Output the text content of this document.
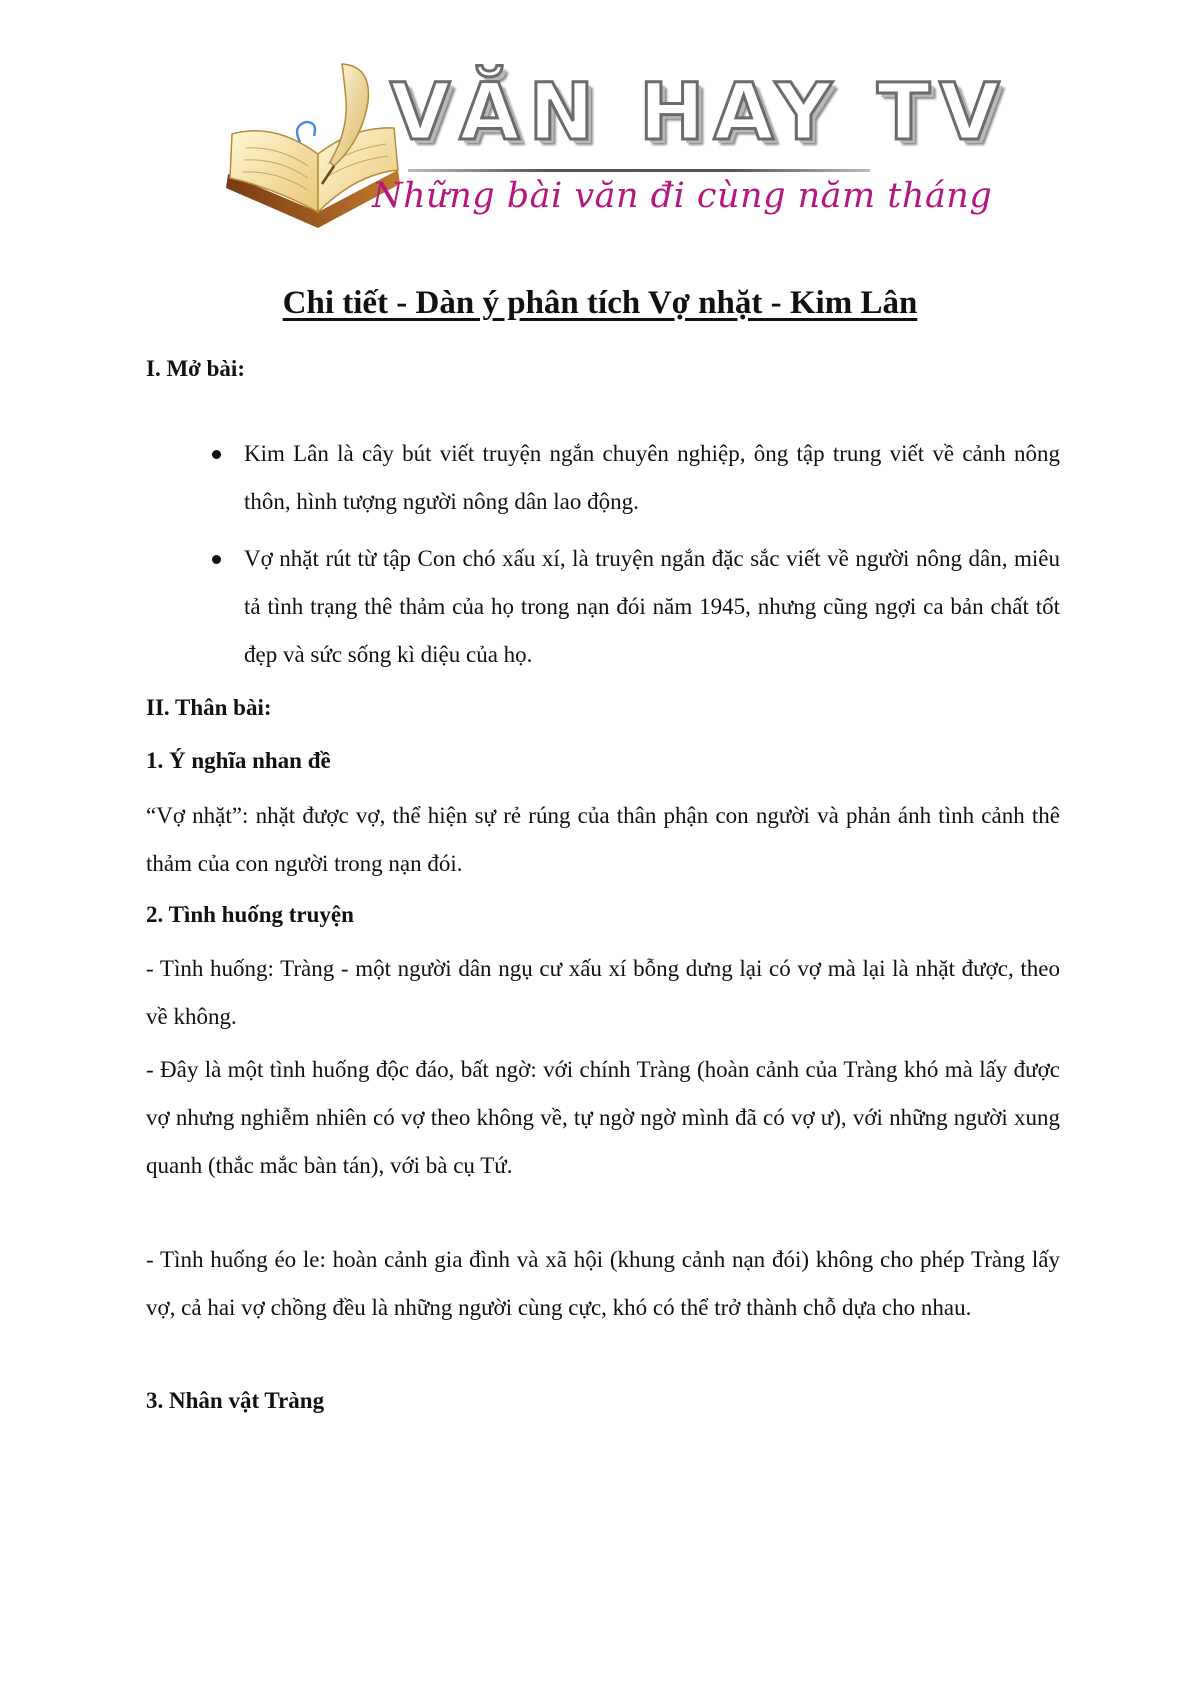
VĂN HAY TV

Những bài văn đi cùng năm tháng

Chi tiết - Dàn ý phân tích Vợ nhặt - Kim Lân
I. Mở bài:
Kim Lân là cây bút viết truyện ngắn chuyên nghiệp, ông tập trung viết về cảnh nông thôn, hình tượng người nông dân lao động.
Vợ nhặt rút từ tập Con chó xấu xí, là truyện ngắn đặc sắc viết về người nông dân, miêu tả tình trạng thê thảm của họ trong nạn đói năm 1945, nhưng cũng ngợi ca bản chất tốt đẹp và sức sống kì diệu của họ.
II. Thân bài:
1. Ý nghĩa nhan đề

“Vợ nhặt”: nhặt được vợ, thể hiện sự rẻ rúng của thân phận con người và phản ánh tình cảnh thê thảm của con người trong nạn đói.

2. Tình huống truyện

- Tình huống: Tràng - một người dân ngụ cư xấu xí bỗng dưng lại có vợ mà lại là nhặt được, theo về không.

- Đây là một tình huống độc đáo, bất ngờ: với chính Tràng (hoàn cảnh của Tràng khó mà lấy được vợ nhưng nghiễm nhiên có vợ theo không về, tự ngờ ngờ mình đã có vợ ư), với những người xung quanh (thắc mắc bàn tán), với bà cụ Tứ.

- Tình huống éo le: hoàn cảnh gia đình và xã hội (khung cảnh nạn đói) không cho phép Tràng lấy vợ, cả hai vợ chồng đều là những người cùng cực, khó có thể trở thành chỗ dựa cho nhau.

3. Nhân vật Tràng
